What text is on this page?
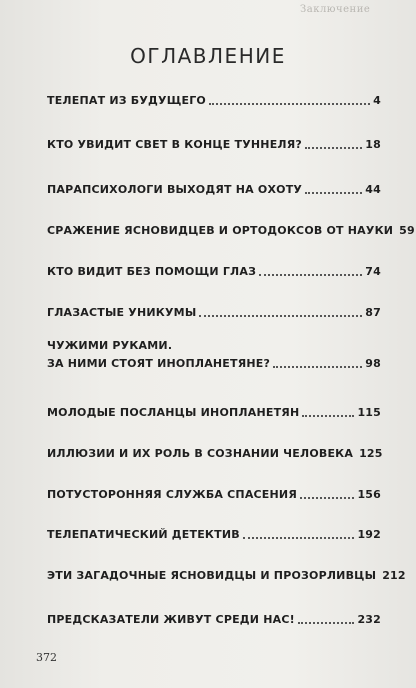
Заключение
ОГЛАВЛЕНИЕ
ТЕЛЕПАТ ИЗ БУДУЩЕГО	4
КТО УВИДИТ СВЕТ В КОНЦЕ ТУННЕЛЯ?	18
ПАРАПСИХОЛОГИ ВЫХОДЯТ НА ОХОТУ	44
СРАЖЕНИЕ ЯСНОВИДЦЕВ И ОРТОДОКСОВ ОТ НАУКИ 59
КТО ВИДИТ БЕЗ ПОМОЩИ ГЛАЗ	74
ГЛАЗАСТЫЕ УНИКУМЫ	87
ЧУЖИМИ РУКАМИ.
ЗА НИМИ СТОЯТ ИНОПЛАНЕТЯНЕ?	98
МОЛОДЫЕ ПОСЛАНЦЫ ИНОПЛАНЕТЯН	115
ИЛЛЮЗИИ И ИХ РОЛЬ В СОЗНАНИИ ЧЕЛОВЕКА 125
ПОТУСТОРОННЯЯ СЛУЖБА СПАСЕНИЯ	156
ТЕЛЕПАТИЧЕСКИЙ ДЕТЕКТИВ	192
ЭТИ ЗАГАДОЧНЫЕ ЯСНОВИДЦЫ И ПРОЗОРЛИВЦЫ 212
ПРЕДСКАЗАТЕЛИ ЖИВУТ СРЕДИ НАС!	232
372
